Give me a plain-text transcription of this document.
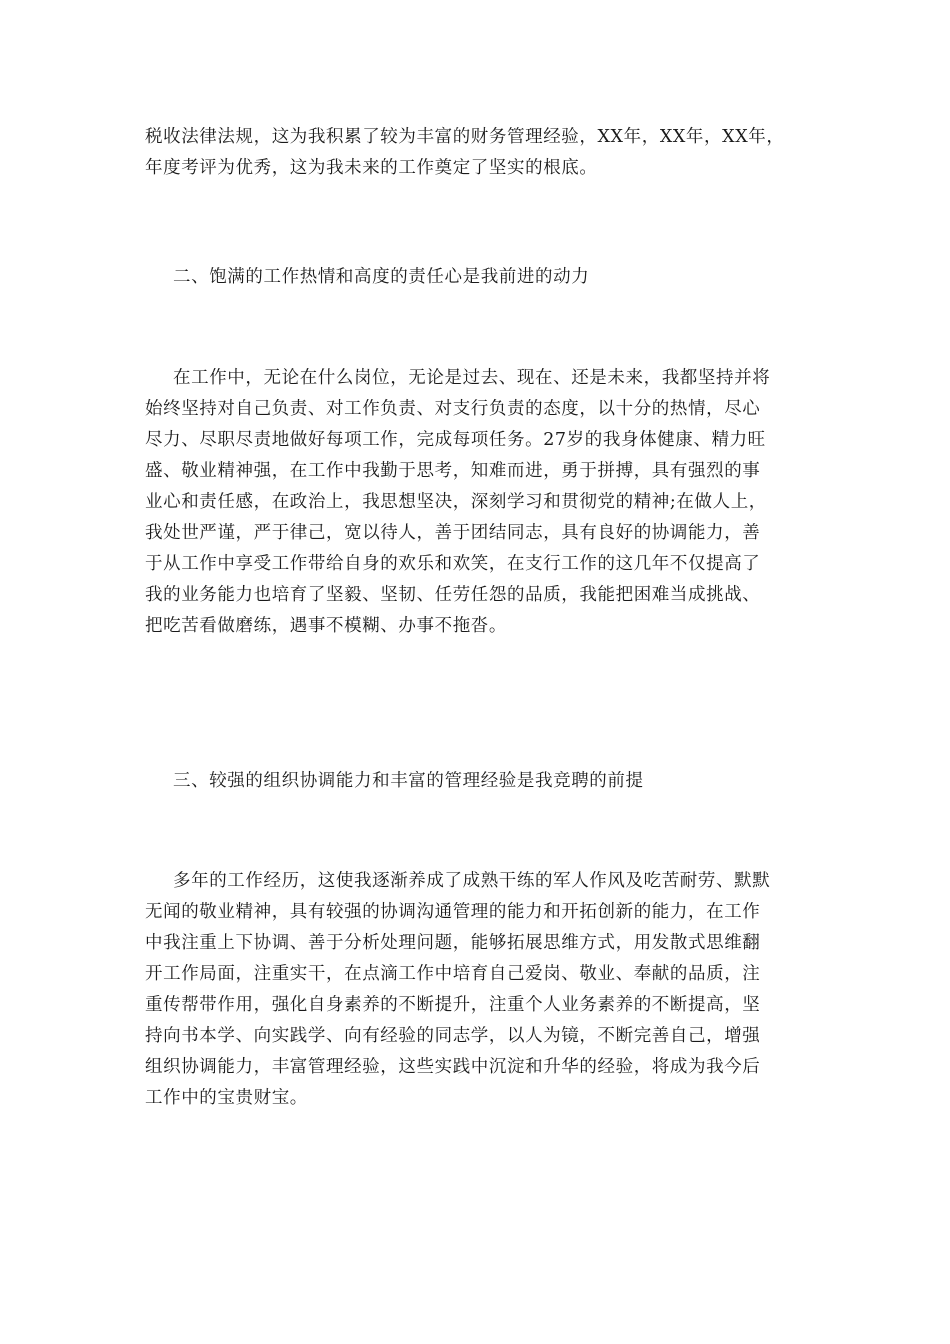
税收法律法规，这为我积累了较为丰富的财务管理经验，XX年，XX年，XX年，
年度考评为优秀，这为我未来的工作奠定了坚实的根底。
二、饱满的工作热情和高度的责任心是我前进的动力
在工作中，无论在什么岗位，无论是过去、现在、还是未来，我都坚持并将
始终坚持对自己负责、对工作负责、对支行负责的态度，以十分的热情，尽心
尽力、尽职尽责地做好每项工作，完成每项任务。27岁的我身体健康、精力旺
盛、敬业精神强，在工作中我勤于思考，知难而进，勇于拼搏，具有强烈的事
业心和责任感，在政治上，我思想坚决，深刻学习和贯彻党的精神;在做人上，
我处世严谨，严于律己，宽以待人，善于团结同志，具有良好的协调能力，善
于从工作中享受工作带给自身的欢乐和欢笑，在支行工作的这几年不仅提高了
我的业务能力也培育了坚毅、坚韧、任劳任怨的品质，我能把困难当成挑战、
把吃苦看做磨练，遇事不模糊、办事不拖沓。
三、较强的组织协调能力和丰富的管理经验是我竞聘的前提
多年的工作经历，这使我逐渐养成了成熟干练的军人作风及吃苦耐劳、默默
无闻的敬业精神，具有较强的协调沟通管理的能力和开拓创新的能力，在工作
中我注重上下协调、善于分析处理问题，能够拓展思维方式，用发散式思维翻
开工作局面，注重实干，在点滴工作中培育自己爱岗、敬业、奉献的品质，注
重传帮带作用，强化自身素养的不断提升，注重个人业务素养的不断提高，坚
持向书本学、向实践学、向有经验的同志学，以人为镜，不断完善自己，增强
组织协调能力，丰富管理经验，这些实践中沉淀和升华的经验，将成为我今后
工作中的宝贵财宝。
